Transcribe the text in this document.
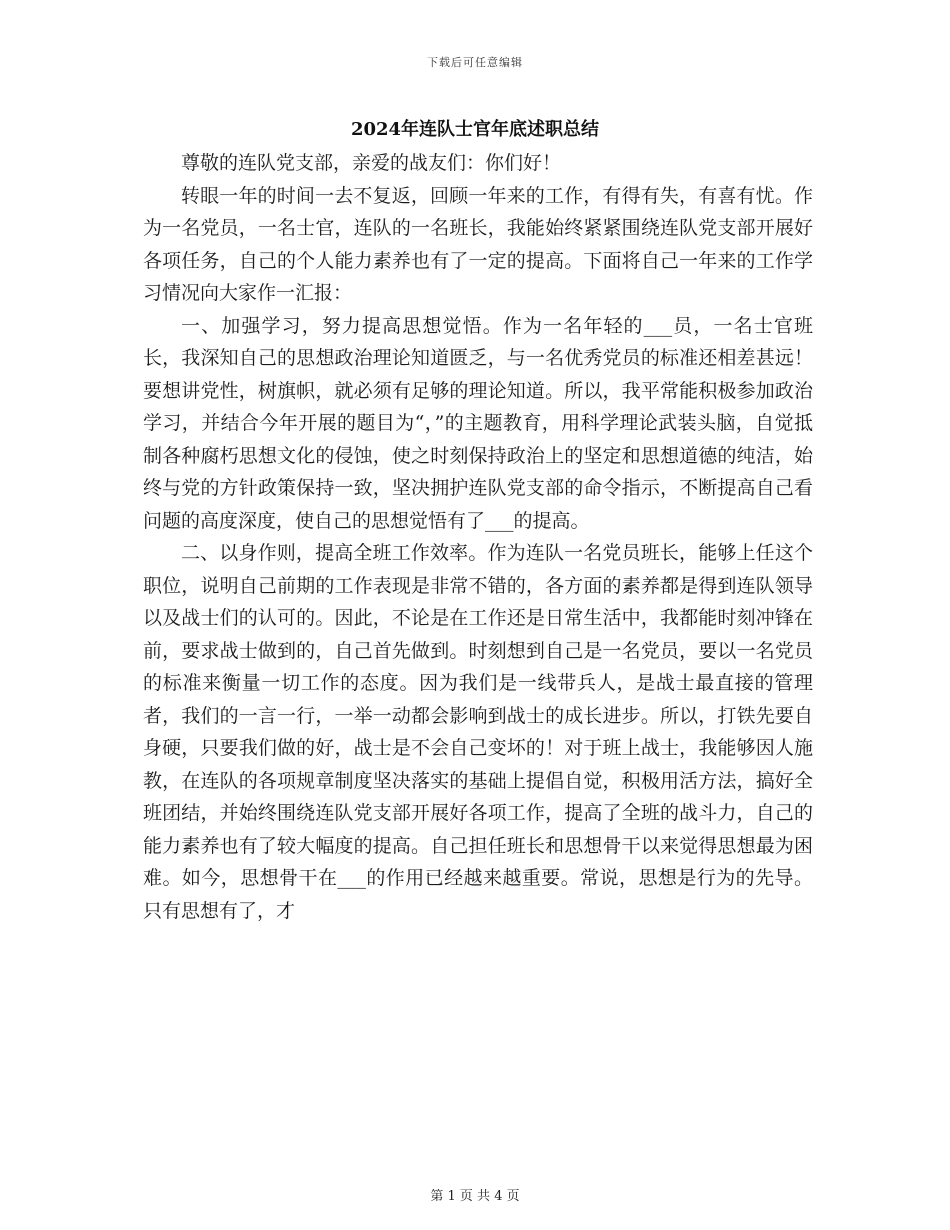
下载后可任意编辑
2024年连队士官年底述职总结

尊敬的连队党支部，亲爱的战友们：你们好！

转眼一年的时间一去不复返，回顾一年来的工作，有得有失，有喜有忧。作为一名党员，一名士官，连队的一名班长，我能始终紧紧围绕连队党支部开展好各项任务，自己的个人能力素养也有了一定的提高。下面将自己一年来的工作学习情况向大家作一汇报：

一、加强学习，努力提高思想觉悟。作为一名年轻的___员，一名士官班长，我深知自己的思想政治理论知道匮乏，与一名优秀党员的标准还相差甚远！要想讲党性，树旗帜，就必须有足够的理论知道。所以，我平常能积极参加政治学习，并结合今年开展的题目为“，”的主题教育，用科学理论武装头脑，自觉抵制各种腐朽思想文化的侵蚀，使之时刻保持政治上的坚定和思想道德的纯洁，始终与党的方针政策保持一致，坚决拥护连队党支部的命令指示，不断提高自己看问题的高度深度，使自己的思想觉悟有了___的提高。

二、以身作则，提高全班工作效率。作为连队一名党员班长，能够上任这个职位，说明自己前期的工作表现是非常不错的，各方面的素养都是得到连队领导以及战士们的认可的。因此，不论是在工作还是日常生活中，我都能时刻冲锋在前，要求战士做到的，自己首先做到。时刻想到自己是一名党员，要以一名党员的标准来衡量一切工作的态度。因为我们是一线带兵人，是战士最直接的管理者，我们的一言一行，一举一动都会影响到战士的成长进步。所以，打铁先要自身硬，只要我们做的好，战士是不会自己变坏的！对于班上战士，我能够因人施教，在连队的各项规章制度坚决落实的基础上提倡自觉，积极用活方法，搞好全班团结，并始终围绕连队党支部开展好各项工作，提高了全班的战斗力，自己的能力素养也有了较大幅度的提高。自己担任班长和思想骨干以来觉得思想最为困难。如今，思想骨干在___的作用已经越来越重要。常说，思想是行为的先导。只有思想有了，才

第 1 页 共 4 页
